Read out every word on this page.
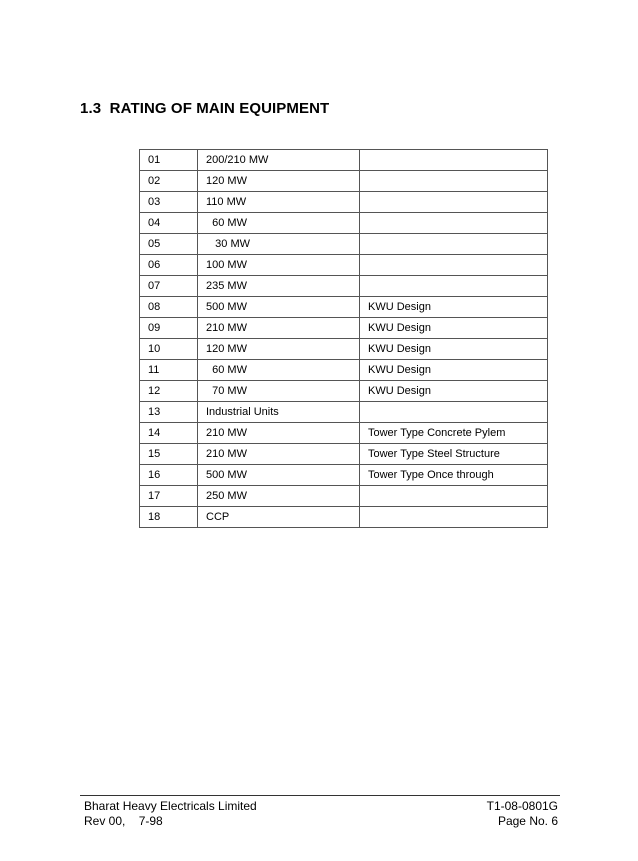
1.3  RATING OF MAIN EQUIPMENT
01	200/210 MW	
02	120 MW	
03	110 MW	
04	60 MW	
05	30 MW	
06	100 MW	
07	235 MW	
08	500 MW	KWU Design
09	210 MW	KWU Design
10	120 MW	KWU Design
11	60 MW	KWU Design
12	70 MW	KWU Design
13	Industrial Units	
14	210 MW	Tower Type Concrete Pylem
15	210 MW	Tower Type Steel Structure
16	500 MW	Tower Type Once through
17	250 MW	
18	CCP	
Bharat Heavy Electricals Limited
Rev 00,    7-98
T1-08-0801G
Page No. 6
